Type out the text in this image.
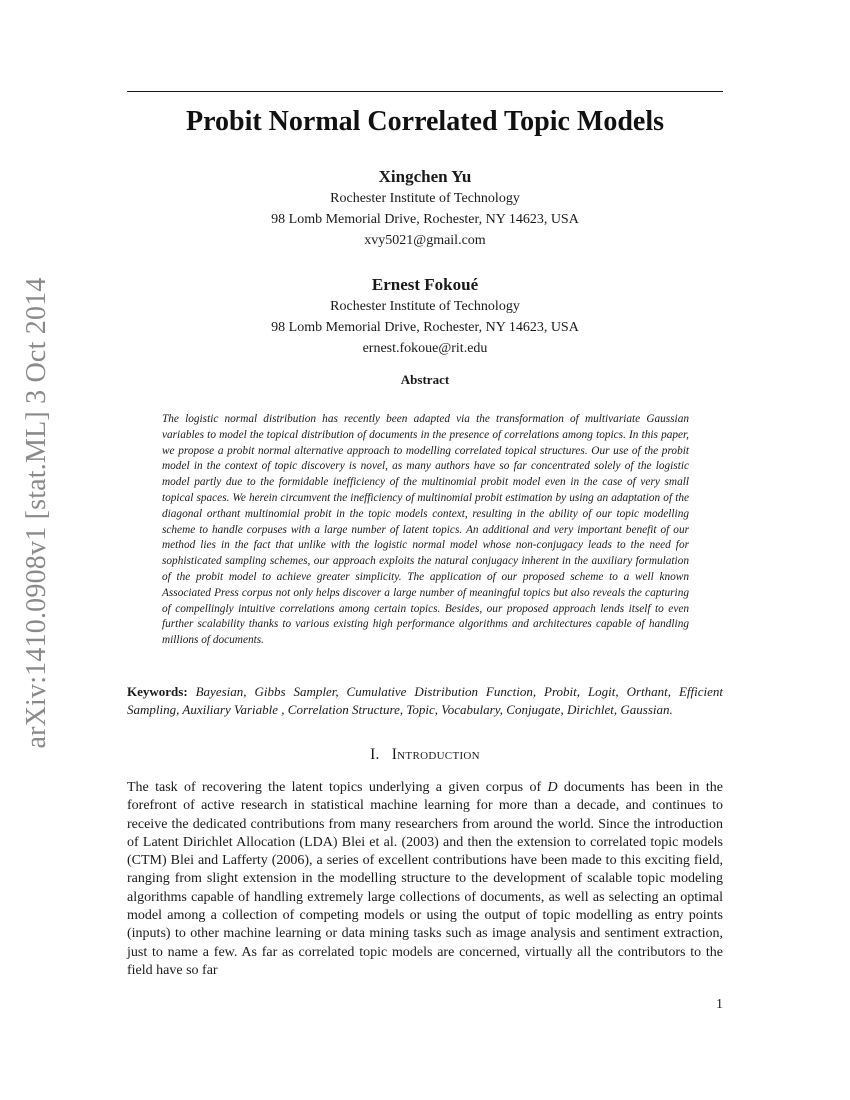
arXiv:1410.0908v1 [stat.ML] 3 Oct 2014
Probit Normal Correlated Topic Models
Xingchen Yu
Rochester Institute of Technology
98 Lomb Memorial Drive, Rochester, NY 14623, USA
xvy5021@gmail.com
Ernest Fokoué
Rochester Institute of Technology
98 Lomb Memorial Drive, Rochester, NY 14623, USA
ernest.fokoue@rit.edu
Abstract
The logistic normal distribution has recently been adapted via the transformation of multivariate Gaussian variables to model the topical distribution of documents in the presence of correlations among topics. In this paper, we propose a probit normal alternative approach to modelling correlated topical structures. Our use of the probit model in the context of topic discovery is novel, as many authors have so far concentrated solely of the logistic model partly due to the formidable inefficiency of the multinomial probit model even in the case of very small topical spaces. We herein circumvent the inefficiency of multinomial probit estimation by using an adaptation of the diagonal orthant multinomial probit in the topic models context, resulting in the ability of our topic modelling scheme to handle corpuses with a large number of latent topics. An additional and very important benefit of our method lies in the fact that unlike with the logistic normal model whose non-conjugacy leads to the need for sophisticated sampling schemes, our approach exploits the natural conjugacy inherent in the auxiliary formulation of the probit model to achieve greater simplicity. The application of our proposed scheme to a well known Associated Press corpus not only helps discover a large number of meaningful topics but also reveals the capturing of compellingly intuitive correlations among certain topics. Besides, our proposed approach lends itself to even further scalability thanks to various existing high performance algorithms and architectures capable of handling millions of documents.
Keywords: Bayesian, Gibbs Sampler, Cumulative Distribution Function, Probit, Logit, Orthant, Efficient Sampling, Auxiliary Variable , Correlation Structure, Topic, Vocabulary, Conjugate, Dirichlet, Gaussian.
I. Introduction
The task of recovering the latent topics underlying a given corpus of D documents has been in the forefront of active research in statistical machine learning for more than a decade, and continues to receive the dedicated contributions from many researchers from around the world. Since the introduction of Latent Dirichlet Allocation (LDA) Blei et al. (2003) and then the extension to correlated topic models (CTM) Blei and Lafferty (2006), a series of excellent contributions have been made to this exciting field, ranging from slight extension in the modelling structure to the development of scalable topic modeling algorithms capable of handling extremely large collections of documents, as well as selecting an optimal model among a collection of competing models or using the output of topic modelling as entry points (inputs) to other machine learning or data mining tasks such as image analysis and sentiment extraction, just to name a few. As far as correlated topic models are concerned, virtually all the contributors to the field have so far
1
